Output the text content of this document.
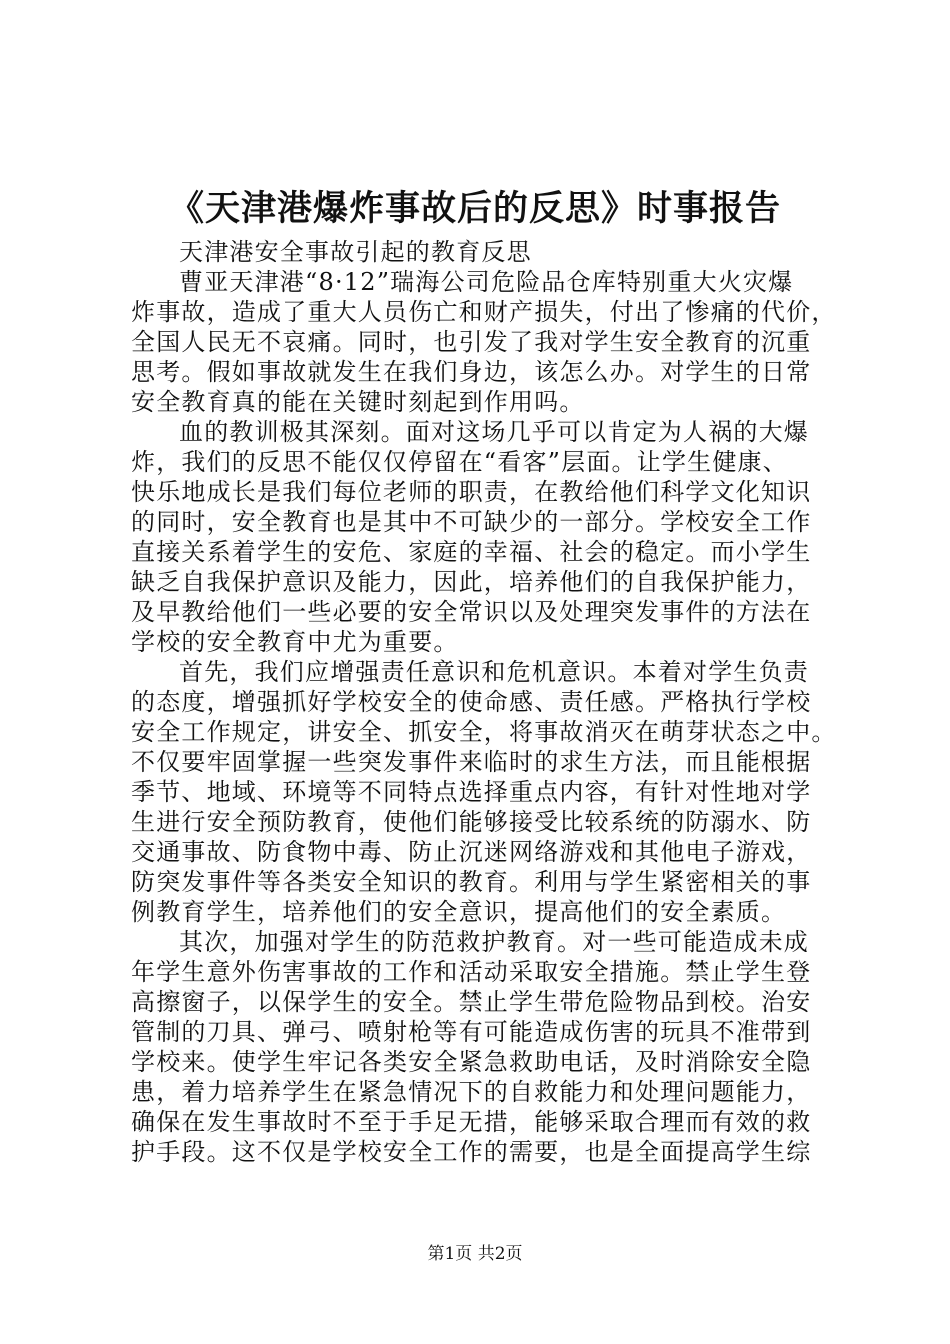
《天津港爆炸事故后的反思》时事报告
天津港安全事故引起的教育反思
曹亚天津港“8·12”瑞海公司危险品仓库特别重大火灾爆
炸事故，造成了重大人员伤亡和财产损失，付出了惨痛的代价，
全国人民无不哀痛。同时，也引发了我对学生安全教育的沉重
思考。假如事故就发生在我们身边，该怎么办。对学生的日常
安全教育真的能在关键时刻起到作用吗。
血的教训极其深刻。面对这场几乎可以肯定为人祸的大爆
炸，我们的反思不能仅仅停留在“看客”层面。让学生健康、
快乐地成长是我们每位老师的职责，在教给他们科学文化知识
的同时，安全教育也是其中不可缺少的一部分。学校安全工作
直接关系着学生的安危、家庭的幸福、社会的稳定。而小学生
缺乏自我保护意识及能力，因此，培养他们的自我保护能力，
及早教给他们一些必要的安全常识以及处理突发事件的方法在
学校的安全教育中尤为重要。
首先，我们应增强责任意识和危机意识。本着对学生负责
的态度，增强抓好学校安全的使命感、责任感。严格执行学校
安全工作规定，讲安全、抓安全，将事故消灭在萌芽状态之中。
不仅要牢固掌握一些突发事件来临时的求生方法，而且能根据
季节、地域、环境等不同特点选择重点内容，有针对性地对学
生进行安全预防教育，使他们能够接受比较系统的防溺水、防
交通事故、防食物中毒、防止沉迷网络游戏和其他电子游戏，
防突发事件等各类安全知识的教育。利用与学生紧密相关的事
例教育学生，培养他们的安全意识，提高他们的安全素质。
其次，加强对学生的防范救护教育。对一些可能造成未成
年学生意外伤害事故的工作和活动采取安全措施。禁止学生登
高擦窗子，以保学生的安全。禁止学生带危险物品到校。治安
管制的刀具、弹弓、喷射枪等有可能造成伤害的玩具不准带到
学校来。使学生牢记各类安全紧急救助电话，及时消除安全隐
患，着力培养学生在紧急情况下的自救能力和处理问题能力，
确保在发生事故时不至于手足无措，能够采取合理而有效的救
护手段。这不仅是学校安全工作的需要，也是全面提高学生综
第1页 共2页
